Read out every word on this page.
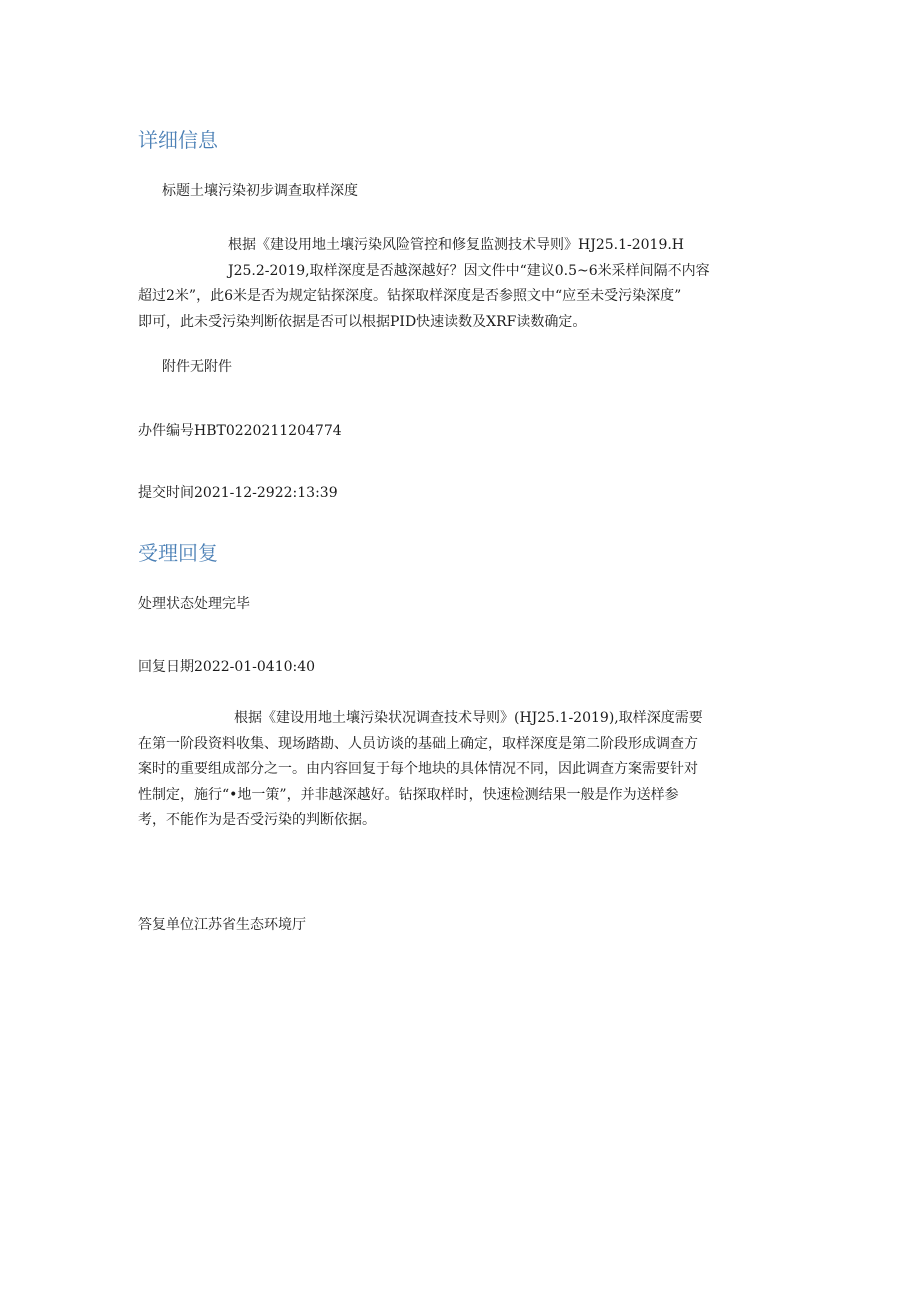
详细信息
标题土壤污染初步调查取样深度

根据《建设用地土壤污染风险管控和修复监测技术导则》HJ25.1-2019.H

J25.2-2019,取样深度是否越深越好？因文件中“建议0.5~6米采样间隔不内容

超过2米”，此6米是否为规定钻探深度。钻探取样深度是否参照文中“应至未受污染深度”

即可，此未受污染判断依据是否可以根据PID快速读数及XRF读数确定。

附件无附件
办件编号HBT0220211204774
提交时间2021-12-2922:13:39
受理回复
处理状态处理完毕
回复日期2022-01-0410:40

根据《建设用地土壤污染状况调查技术导则》(HJ25.1-2019),取样深度需要

在第一阶段资料收集、现场踏勘、人员访谈的基础上确定，取样深度是第二阶段形成调查方

案时的重要组成部分之一。由内容回复于每个地块的具体情况不同，因此调查方案需要针对

性制定，施行“•地一策”，并非越深越好。钻探取样时，快速检测结果一般是作为送样参

考，不能作为是否受污染的判断依据。

答复单位江苏省生态环境厅
